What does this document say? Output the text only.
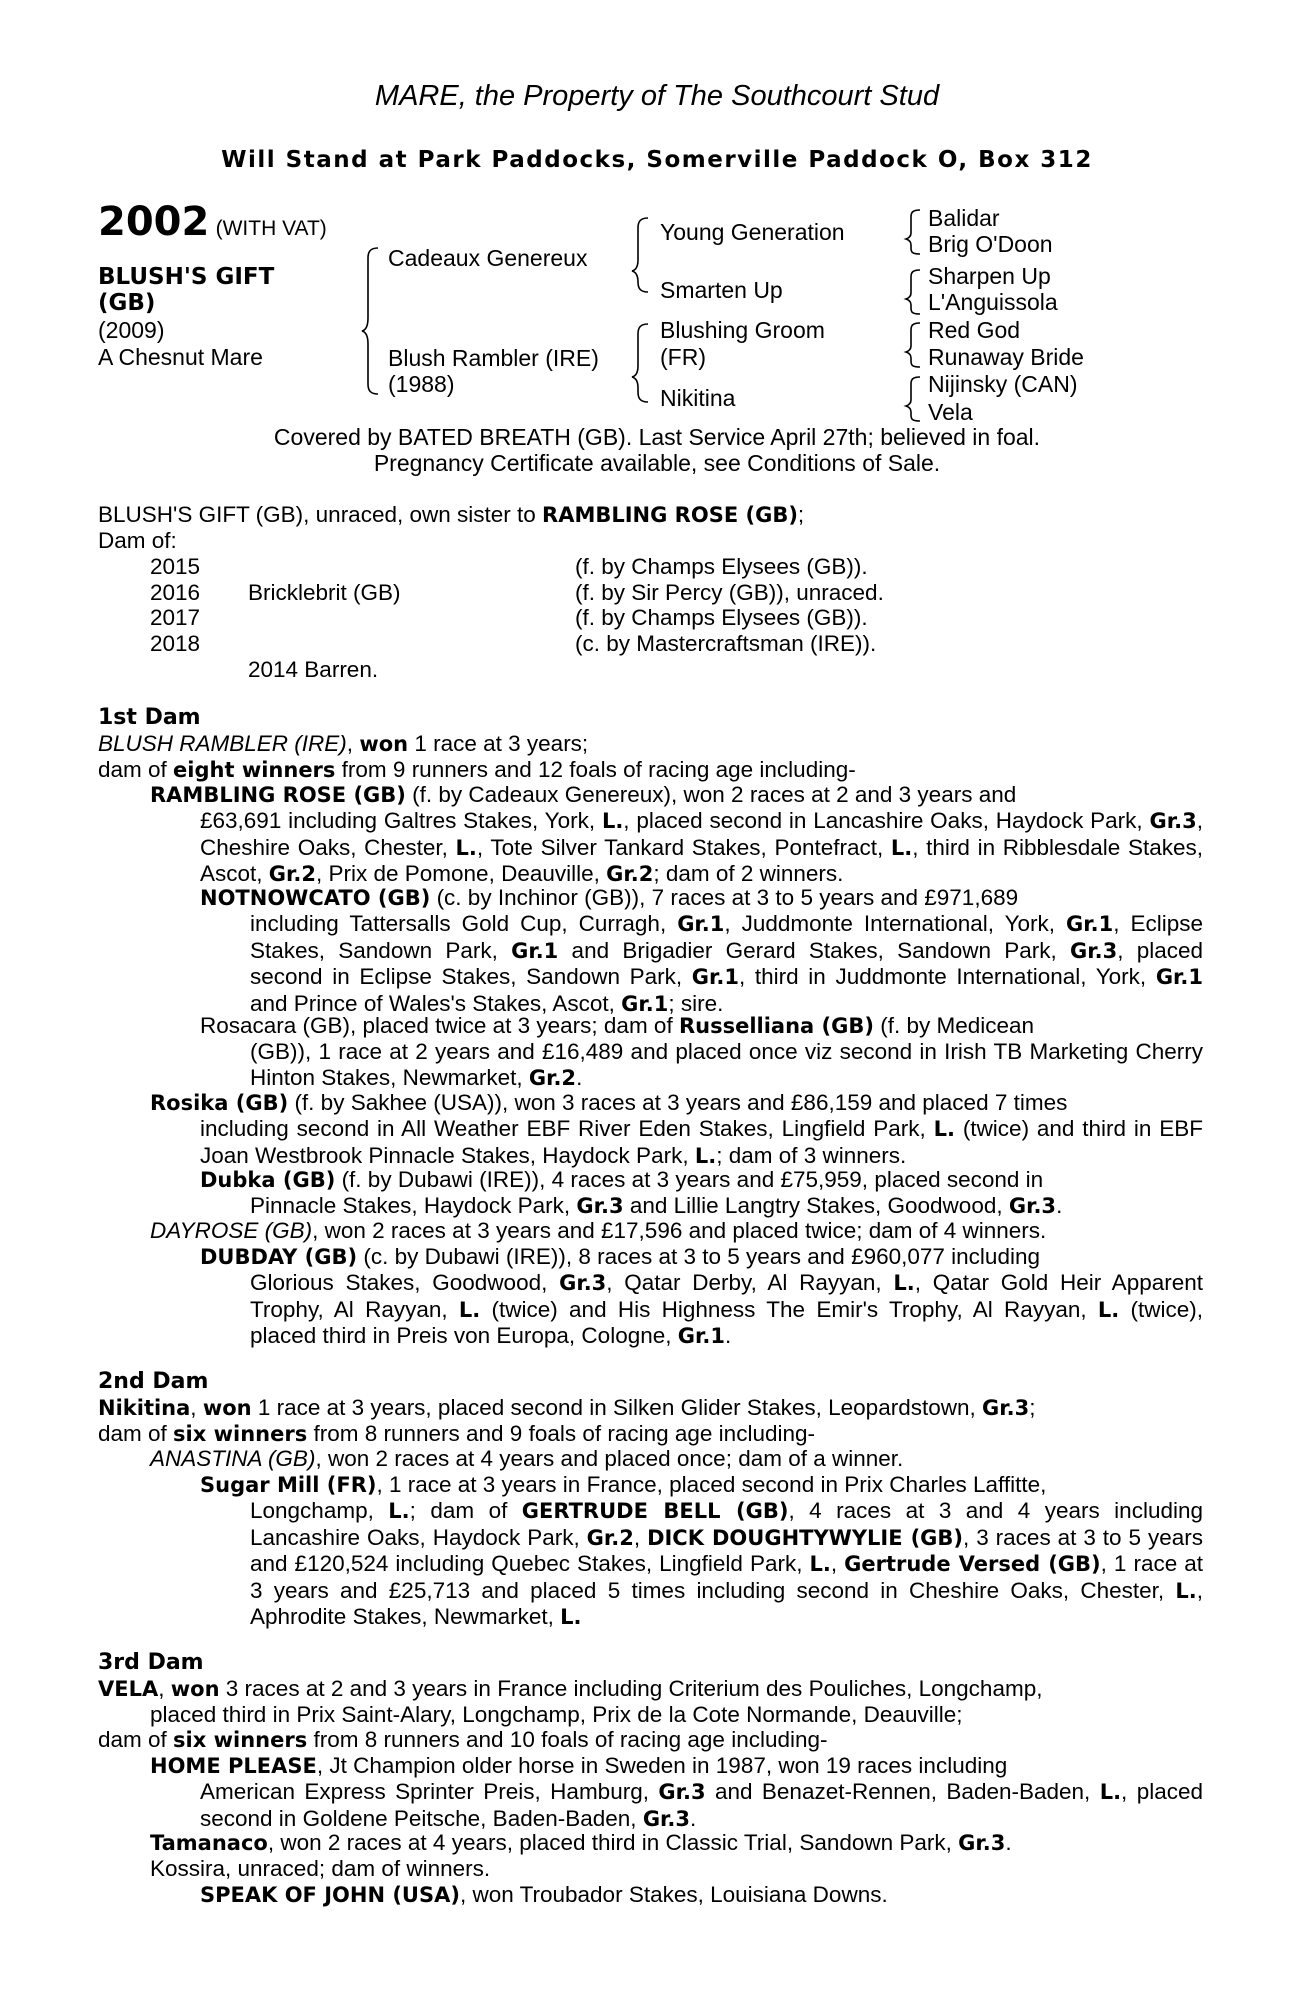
MARE, the Property of The Southcourt Stud
Will Stand at Park Paddocks, Somerville Paddock O, Box 312
2002 (WITH VAT)
BLUSH'S GIFT
(GB)
(2009)
A Chesnut Mare
Cadeaux Genereux
Blush Rambler (IRE)
(1988)
Young Generation
Smarten Up
Blushing Groom
(FR)
Nikitina
Balidar
Brig O'Doon
Sharpen Up
L'Anguissola
Red God
Runaway Bride
Nijinsky (CAN)
Vela
Covered by BATED BREATH (GB). Last Service April 27th; believed in foal.
Pregnancy Certificate available, see Conditions of Sale.
BLUSH'S GIFT (GB), unraced, own sister to RAMBLING ROSE (GB);
Dam of:
2015	(f. by Champs Elysees (GB)).
2016 Bricklebrit (GB)	(f. by Sir Percy (GB)), unraced.
2017	(f. by Champs Elysees (GB)).
2018	(c. by Mastercraftsman (IRE)).
2014 Barren.
1st Dam
BLUSH RAMBLER (IRE), won 1 race at 3 years;
dam of eight winners from 9 runners and 12 foals of racing age including-
RAMBLING ROSE (GB) (f. by Cadeaux Genereux), won 2 races at 2 and 3 years and
£63,691 including Galtres Stakes, York, L., placed second in Lancashire Oaks, Haydock Park, Gr.3, Cheshire Oaks, Chester, L., Tote Silver Tankard Stakes, Pontefract, L., third in Ribblesdale Stakes, Ascot, Gr.2, Prix de Pomone, Deauville, Gr.2; dam of 2 winners.
NOTNOWCATO (GB) (c. by Inchinor (GB)), 7 races at 3 to 5 years and £971,689
including Tattersalls Gold Cup, Curragh, Gr.1, Juddmonte International, York, Gr.1, Eclipse Stakes, Sandown Park, Gr.1 and Brigadier Gerard Stakes, Sandown Park, Gr.3, placed second in Eclipse Stakes, Sandown Park, Gr.1, third in Juddmonte International, York, Gr.1 and Prince of Wales's Stakes, Ascot, Gr.1; sire.
Rosacara (GB), placed twice at 3 years; dam of Russelliana (GB) (f. by Medicean
(GB)), 1 race at 2 years and £16,489 and placed once viz second in Irish TB Marketing Cherry Hinton Stakes, Newmarket, Gr.2.
Rosika (GB) (f. by Sakhee (USA)), won 3 races at 3 years and £86,159 and placed 7 times
including second in All Weather EBF River Eden Stakes, Lingfield Park, L. (twice) and third in EBF Joan Westbrook Pinnacle Stakes, Haydock Park, L.; dam of 3 winners.
Dubka (GB) (f. by Dubawi (IRE)), 4 races at 3 years and £75,959, placed second in
Pinnacle Stakes, Haydock Park, Gr.3 and Lillie Langtry Stakes, Goodwood, Gr.3.
DAYROSE (GB), won 2 races at 3 years and £17,596 and placed twice; dam of 4 winners.
DUBDAY (GB) (c. by Dubawi (IRE)), 8 races at 3 to 5 years and £960,077 including
Glorious Stakes, Goodwood, Gr.3, Qatar Derby, Al Rayyan, L., Qatar Gold Heir Apparent Trophy, Al Rayyan, L. (twice) and His Highness The Emir's Trophy, Al Rayyan, L. (twice), placed third in Preis von Europa, Cologne, Gr.1.
2nd Dam
Nikitina, won 1 race at 3 years, placed second in Silken Glider Stakes, Leopardstown, Gr.3;
dam of six winners from 8 runners and 9 foals of racing age including-
ANASTINA (GB), won 2 races at 4 years and placed once; dam of a winner.
Sugar Mill (FR), 1 race at 3 years in France, placed second in Prix Charles Laffitte,
Longchamp, L.; dam of GERTRUDE BELL (GB), 4 races at 3 and 4 years including Lancashire Oaks, Haydock Park, Gr.2, DICK DOUGHTYWYLIE (GB), 3 races at 3 to 5 years and £120,524 including Quebec Stakes, Lingfield Park, L., Gertrude Versed (GB), 1 race at 3 years and £25,713 and placed 5 times including second in Cheshire Oaks, Chester, L., Aphrodite Stakes, Newmarket, L.
3rd Dam
VELA, won 3 races at 2 and 3 years in France including Criterium des Pouliches, Longchamp,
placed third in Prix Saint-Alary, Longchamp, Prix de la Cote Normande, Deauville;
dam of six winners from 8 runners and 10 foals of racing age including-
HOME PLEASE, Jt Champion older horse in Sweden in 1987, won 19 races including
American Express Sprinter Preis, Hamburg, Gr.3 and Benazet-Rennen, Baden-Baden, L., placed second in Goldene Peitsche, Baden-Baden, Gr.3.
Tamanaco, won 2 races at 4 years, placed third in Classic Trial, Sandown Park, Gr.3.
Kossira, unraced; dam of winners.
SPEAK OF JOHN (USA), won Troubador Stakes, Louisiana Downs.
